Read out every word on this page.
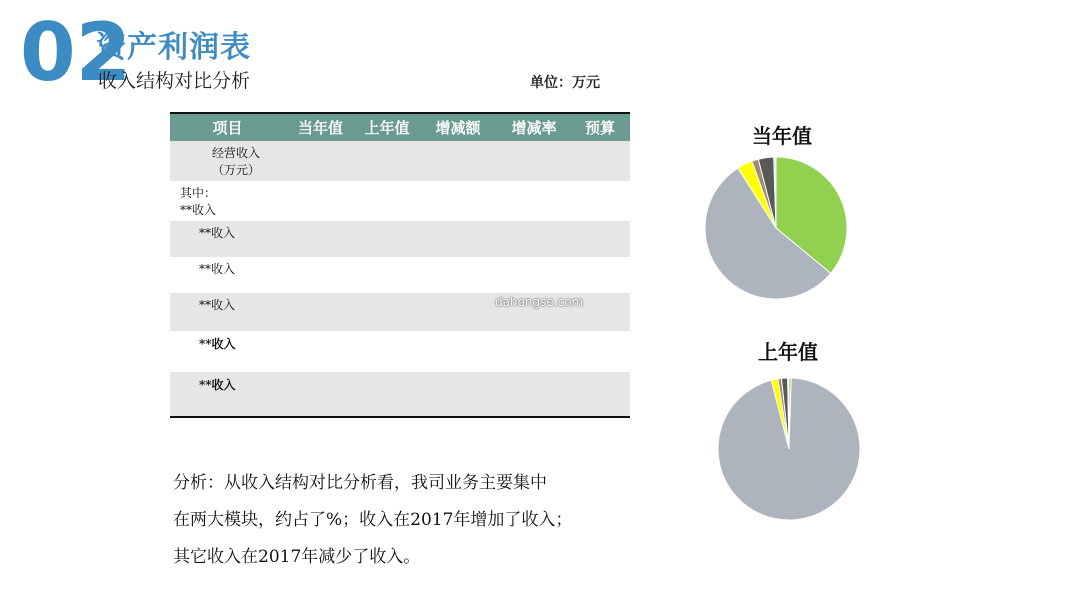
02
资产利润表
收入结构对比分析	单位：万元
项目	当年值	上年值	增减额	增减率	预算
经营收入
（万元）					
其中：
**收入					
**收入					
**收入					
**收入					
**收入					
**收入					
dahongse.com
分析：从收入结构对比分析看，我司业务主要集中
在两大模块，约占了%；收入在2017年增加了收入；
其它收入在2017年减少了收入。
当年值
上年值
